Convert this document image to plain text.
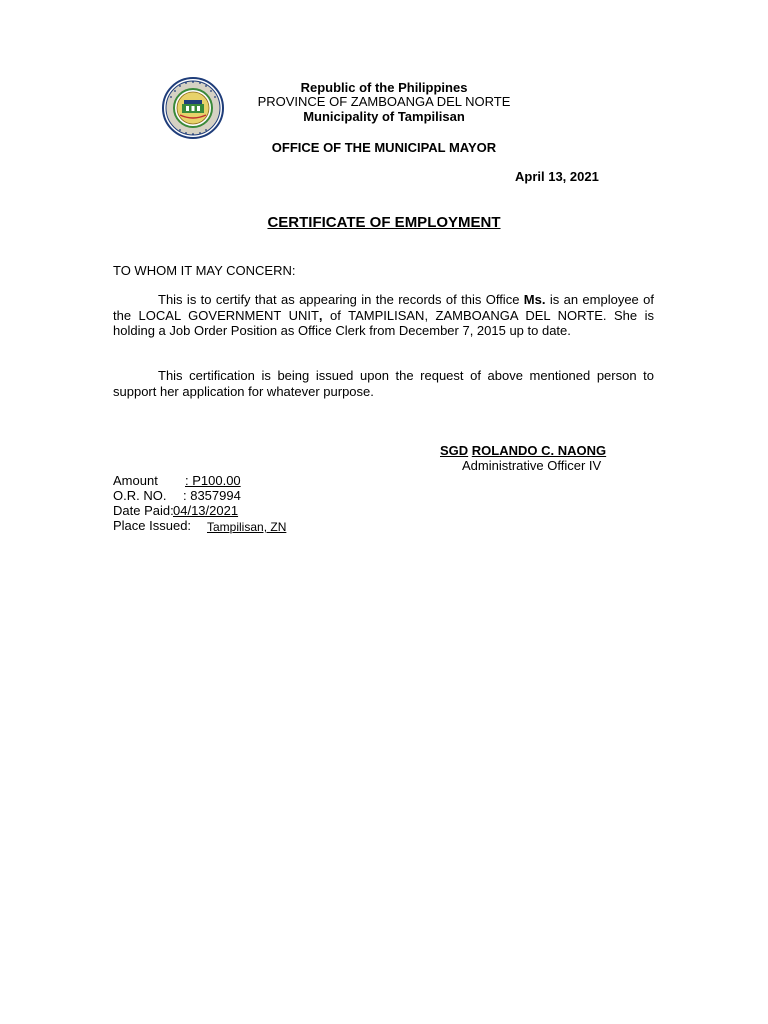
Republic of the Philippines
PROVINCE OF ZAMBOANGA DEL NORTE
Municipality of Tampilisan
OFFICE OF THE MUNICIPAL MAYOR
April 13, 2021
CERTIFICATE OF EMPLOYMENT
TO WHOM IT MAY CONCERN:
This is to certify that as appearing in the records of this Office Ms. is an employee of the LOCAL GOVERNMENT UNIT, of TAMPILISAN, ZAMBOANGA DEL NORTE. She is holding a Job Order Position as Office Clerk from December 7, 2015 up to date.
This certification is being issued upon the request of above mentioned person to support her application for whatever purpose.
SGD ROLANDO C. NAONG
Administrative Officer IV
Amount : P100.00
O.R. NO. : 8357994
Date Paid: 04/13/2021
Place Issued: Tampilisan, ZN
